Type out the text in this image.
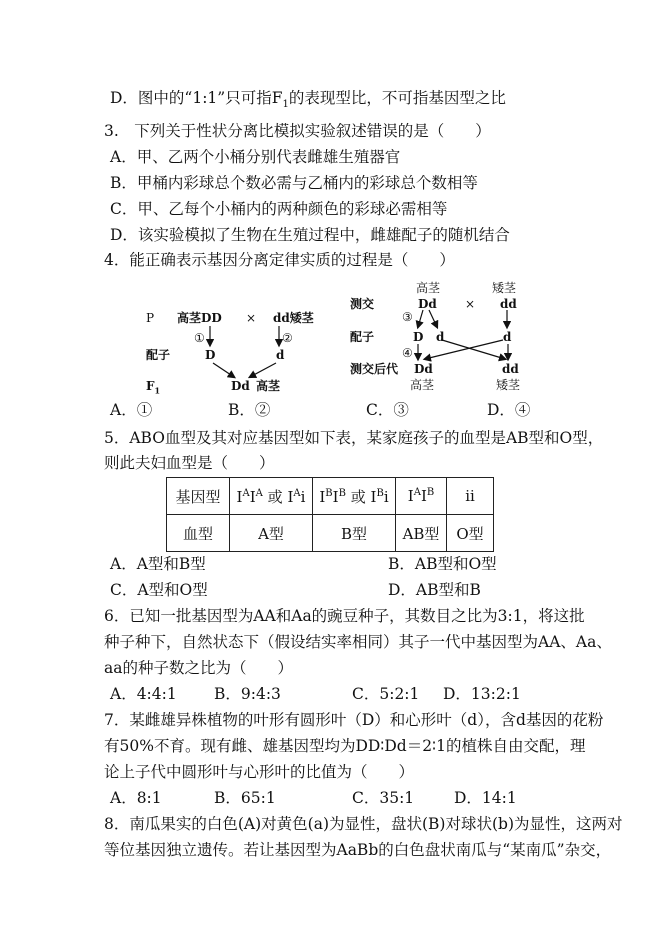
D．图中的“1:1”只可指$F_1$的表现型比，不可指基因型之比
3. 下列关于性状分离比模拟实验叙述错误的是（  ）
A．甲、乙两个小桶分别代表雌雄生殖器官
B．甲桶内彩球总个数必需与乙桶内的彩球总个数相等
C．甲、乙每个小桶内的两种颜色的彩球必需相等
D．该实验模拟了生物在生殖过程中，雌雄配子的随机结合
4．能正确表示基因分离定律实质的过程是（  ）
P 高茎DD × dd矮茎
①	②
配子	D	d
$F_1$	Dd 高茎
高茎	矮茎
测交	Dd × dd
③
配子	D d	d
④
测交后代 Dd	dd
高茎	矮茎
A．①	B．②	C．③	D．④
5．ABO血型及其对应基因型如下表，某家庭孩子的血型是AB型和O型，
则此夫妇血型是（  ）
基因型	$I^AI^A$ 或 $I^Ai$	$I^BI^B$ 或 $I^Bi$	$I^AI^B$	ii
血型	A型	B型	AB型	O型
A．A型和B型	B．AB型和O型
C．A型和O型	D．AB型和B
6．已知一批基因型为AA和Aa的豌豆种子，其数目之比为3:1，将这批
种子种下，自然状态下（假设结实率相同）其子一代中基因型为AA、Aa、
aa的种子数之比为（  ）
A．4:4:1 B．9:4:3	C．5:2:1 D．13:2:1
7．某雌雄异株植物的叶形有圆形叶（D）和心形叶（d），含d基因的花粉
有50%不育。现有雌、雄基因型均为DD∶Dd＝2∶1的植株自由交配，理
论上子代中圆形叶与心形叶的比值为（  ）
A．8:1	B．65:1	C．35:1	D．14:1
8．南瓜果实的白色(A)对黄色(a)为显性，盘状(B)对球状(b)为显性，这两对
等位基因独立遗传。若让基因型为AaBb的白色盘状南瓜与“某南瓜”杂交，
